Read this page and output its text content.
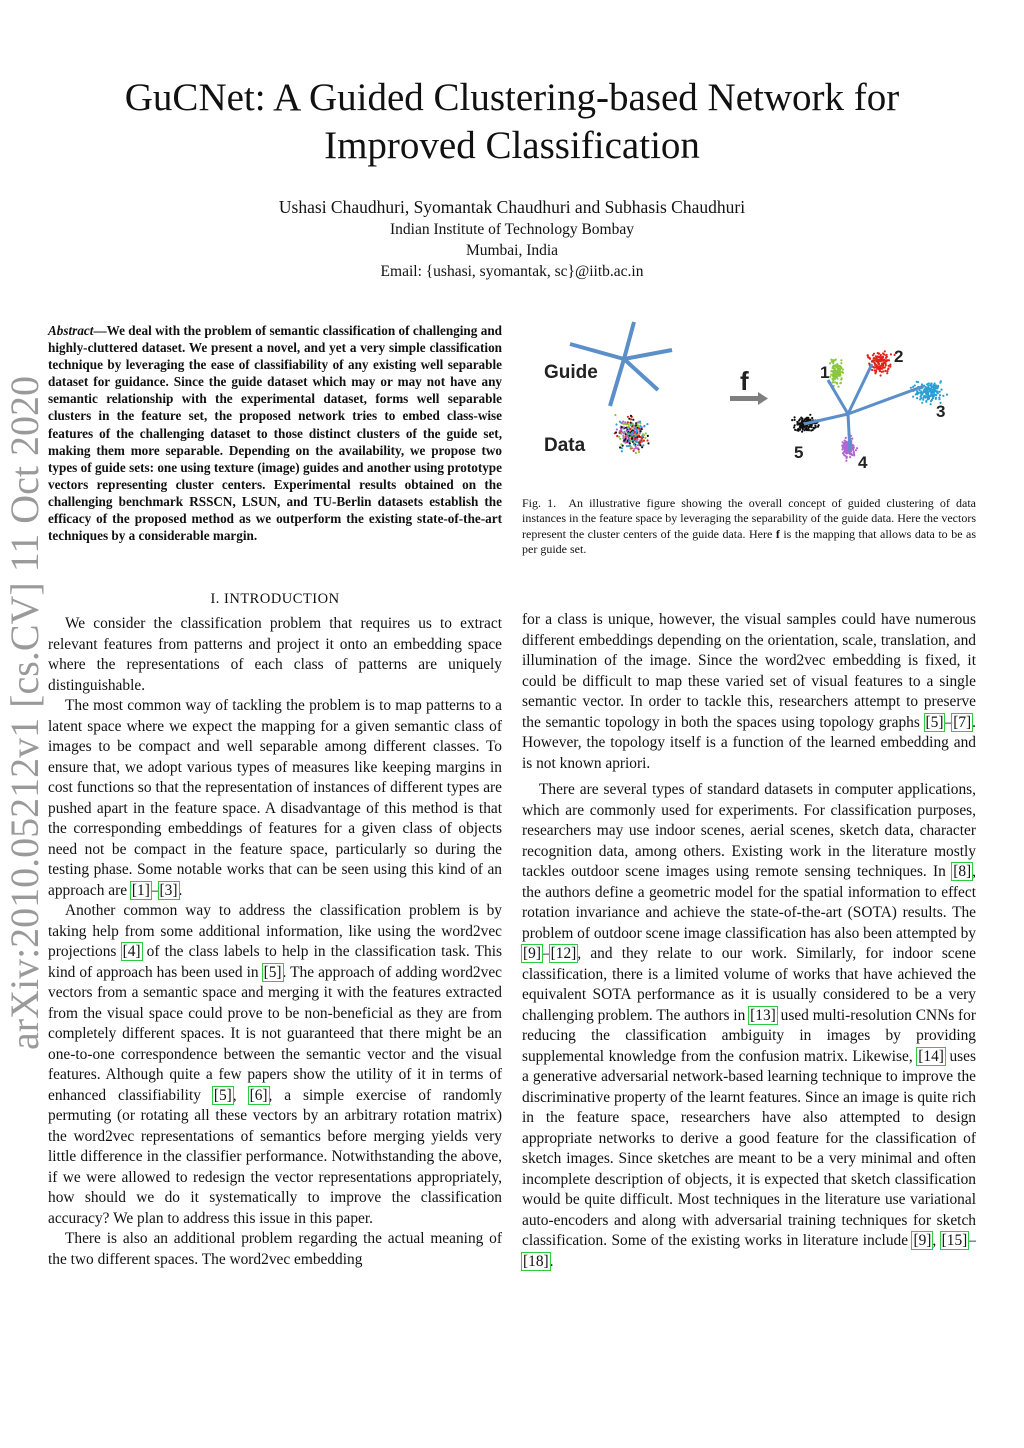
GuCNet: A Guided Clustering-based Network for
Improved Classification
Ushasi Chaudhuri, Syomantak Chaudhuri and Subhasis Chaudhuri
Indian Institute of Technology Bombay
Mumbai, India
Email: {ushasi, syomantak, sc}@iitb.ac.in
arXiv:2010.05212v1 [cs.CV] 11 Oct 2020

Abstract—We deal with the problem of semantic classification of challenging and highly-cluttered dataset. We present a novel, and yet a very simple classification technique by leveraging the ease of classifiability of any existing well separable dataset for guidance. Since the guide dataset which may or may not have any semantic relationship with the experimental dataset, forms well separable clusters in the feature set, the proposed network tries to embed class-wise features of the challenging dataset to those distinct clusters of the guide set, making them more separable. Depending on the availability, we propose two types of guide sets: one using texture (image) guides and another using prototype vectors representing cluster centers. Experimental results obtained on the challenging benchmark RSSCN, LSUN, and TU-Berlin datasets establish the efficacy of the proposed method as we outperform the existing state-of-the-art techniques by a considerable margin.

I. INTRODUCTION

We consider the classification problem that requires us to extract relevant features from patterns and project it onto an embedding space where the representations of each class of patterns are uniquely distinguishable.

The most common way of tackling the problem is to map patterns to a latent space where we expect the mapping for a given semantic class of images to be compact and well separable among different classes. To ensure that, we adopt various types of measures like keeping margins in cost functions so that the representation of instances of different types are pushed apart in the feature space. A disadvantage of this method is that the corresponding embeddings of features for a given class of objects need not be compact in the feature space, particularly so during the testing phase. Some notable works that can be seen using this kind of an approach are [1]–[3].

Another common way to address the classification problem is by taking help from some additional information, like using the word2vec projections [4] of the class labels to help in the classification task. This kind of approach has been used in [5]. The approach of adding word2vec vectors from a semantic space and merging it with the features extracted from the visual space could prove to be non-beneficial as they are from completely different spaces. It is not guaranteed that there might be an one-to-one correspondence between the semantic vector and the visual features. Although quite a few papers show the utility of it in terms of enhanced classifiability [5], [6], a simple exercise of randomly permuting (or rotating all these vectors by an arbitrary rotation matrix) the word2vec representations of semantics before merging yields very little difference in the classifier performance. Notwithstanding the above, if we were allowed to redesign the vector representations appropriately, how should we do it systematically to improve the classification accuracy? We plan to address this issue in this paper.

There is also an additional problem regarding the actual meaning of the two different spaces. The word2vec embedding

Guide
Data
f	1
2
3
4
5
Fig. 1. An illustrative figure showing the overall concept of guided clustering of data instances in the feature space by leveraging the separability of the guide data. Here the vectors represent the cluster centers of the guide data. Here f is the mapping that allows data to be as per guide set.

for a class is unique, however, the visual samples could have numerous different embeddings depending on the orientation, scale, translation, and illumination of the image. Since the word2vec embedding is fixed, it could be difficult to map these varied set of visual features to a single semantic vector. In order to tackle this, researchers attempt to preserve the semantic topology in both the spaces using topology graphs [5]–[7]. However, the topology itself is a function of the learned embedding and is not known apriori.

There are several types of standard datasets in computer applications, which are commonly used for experiments. For classification purposes, researchers may use indoor scenes, aerial scenes, sketch data, character recognition data, among others. Existing work in the literature mostly tackles outdoor scene images using remote sensing techniques. In [8], the authors define a geometric model for the spatial information to effect rotation invariance and achieve the state-of-the-art (SOTA) results. The problem of outdoor scene image classification has also been attempted by [9]–[12], and they relate to our work. Similarly, for indoor scene classification, there is a limited volume of works that have achieved the equivalent SOTA performance as it is usually considered to be a very challenging problem. The authors in [13] used multi-resolution CNNs for reducing the classification ambiguity in images by providing supplemental knowledge from the confusion matrix. Likewise, [14] uses a generative adversarial network-based learning technique to improve the discriminative property of the learnt features. Since an image is quite rich in the feature space, researchers have also attempted to design appropriate networks to derive a good feature for the classification of sketch images. Since sketches are meant to be a very minimal and often incomplete description of objects, it is expected that sketch classification would be quite difficult. Most techniques in the literature use variational auto-encoders and along with adversarial training techniques for sketch classification. Some of the existing works in literature include [9], [15]–[18].
